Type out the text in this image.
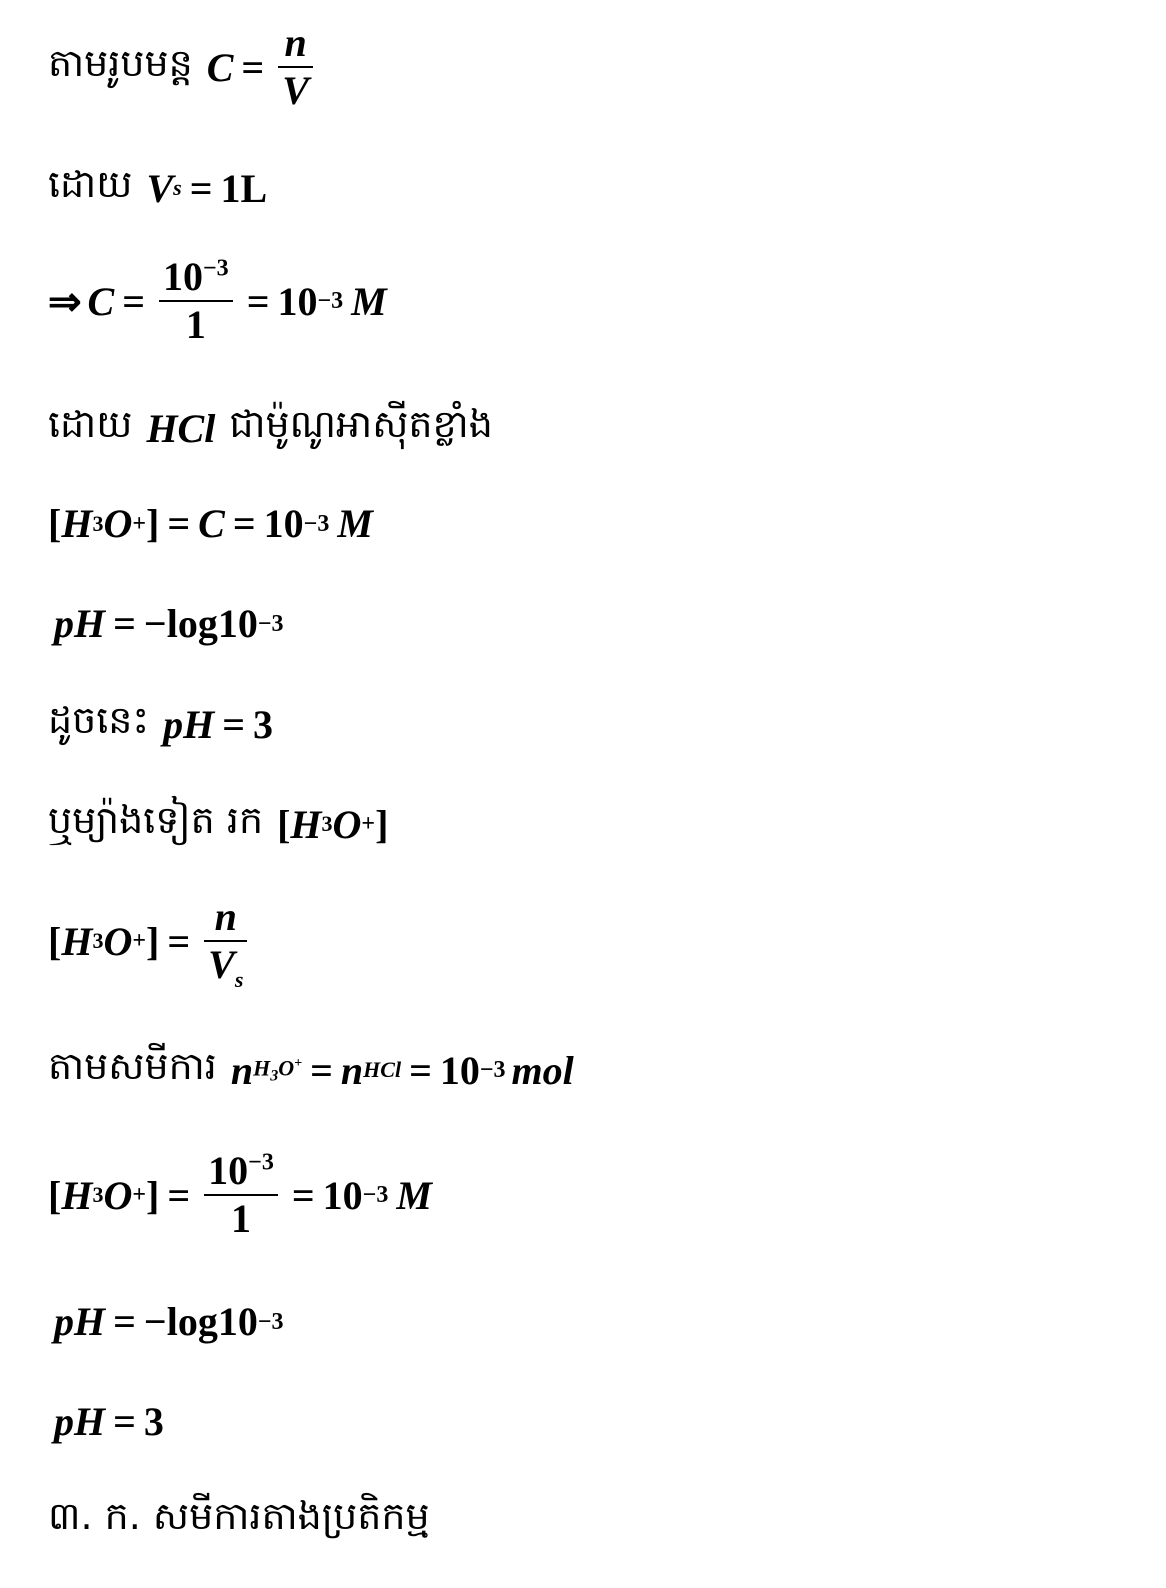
តាមរូបមន្ត $C = \frac{n}{V}$
ដោយ V s = 1L
⇒ $C = \frac{10^{-3}}{1} = 10 -3$ M
ដោយ HCl ជាម៉ូណូអាស៊ីតខ្លាំង
[ H 3 O + ] = C = 10 −3 M
pH = −log 10 −3
ដូចនេះ pH = 3
ឬម្យ៉ាងទៀត រក [ H 3 O + ]
[ H 3 O + ] = $\frac{n}{V_s}$
តាមសមីការ n $H_3O^+ = n$ HCl = 10 −3 mol
[ H 3 O + ] = $\frac{10^{-3}}{1} = 10 -3$ M
pH = −log 10 −3
pH = 3
៣. ក. សមីការតាងប្រតិកម្ម
